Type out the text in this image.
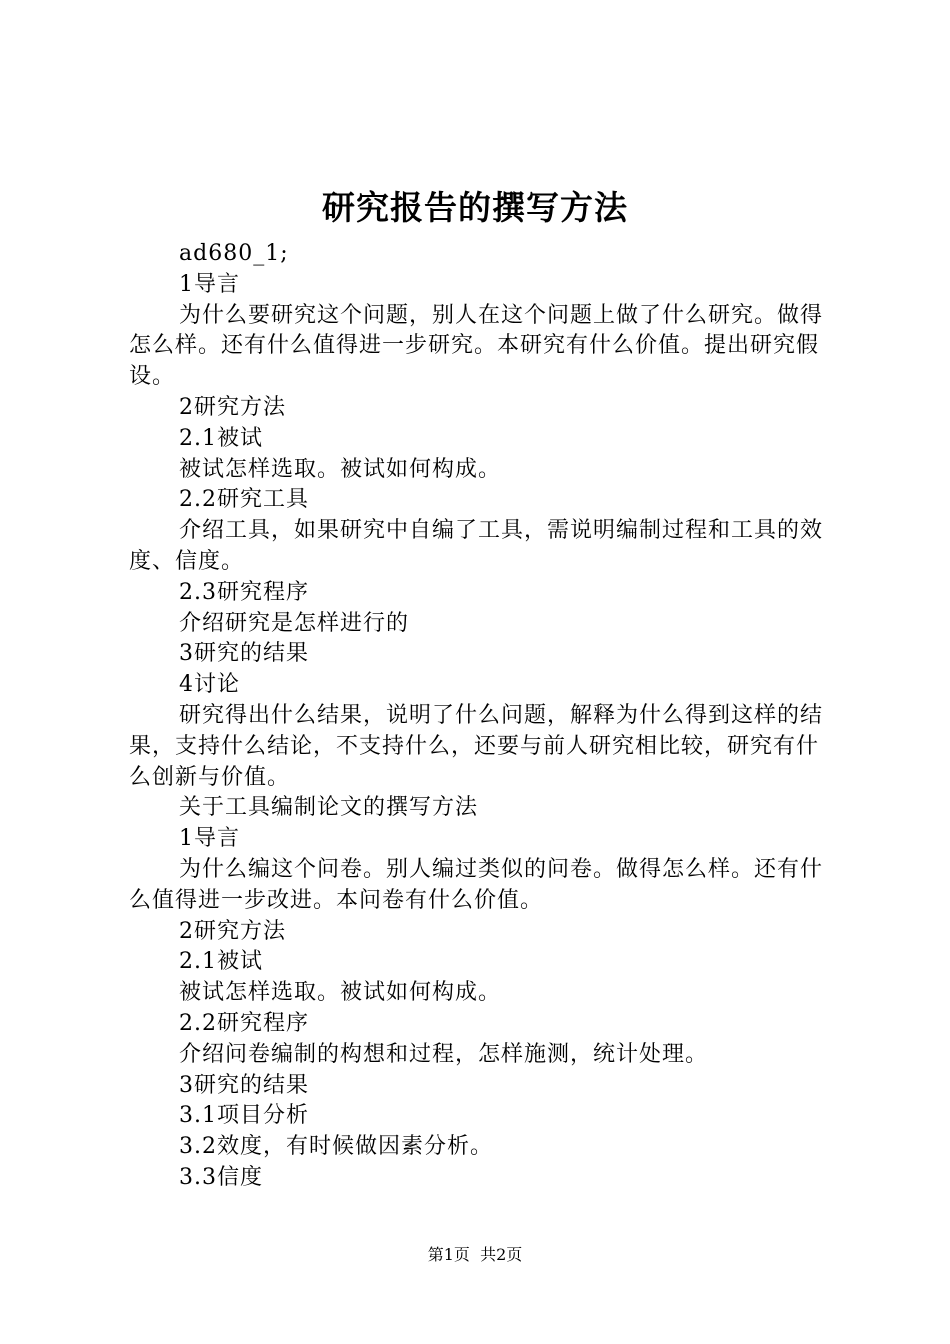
研究报告的撰写方法

ad680_1;

1导言

为什么要研究这个问题，别人在这个问题上做了什么研究。做得怎么样。还有什么值得进一步研究。本研究有什么价值。提出研究假设。

2研究方法

2.1被试

被试怎样选取。被试如何构成。

2.2研究工具

介绍工具，如果研究中自编了工具，需说明编制过程和工具的效度、信度。

2.3研究程序

介绍研究是怎样进行的

3研究的结果

4讨论

研究得出什么结果，说明了什么问题，解释为什么得到这样的结果，支持什么结论，不支持什么，还要与前人研究相比较，研究有什么创新与价值。

关于工具编制论文的撰写方法

1导言

为什么编这个问卷。别人编过类似的问卷。做得怎么样。还有什么值得进一步改进。本问卷有什么价值。

2研究方法

2.1被试

被试怎样选取。被试如何构成。

2.2研究程序

介绍问卷编制的构想和过程，怎样施测，统计处理。

3研究的结果

3.1项目分析

3.2效度，有时候做因素分析。

3.3信度

第1页  共2页
